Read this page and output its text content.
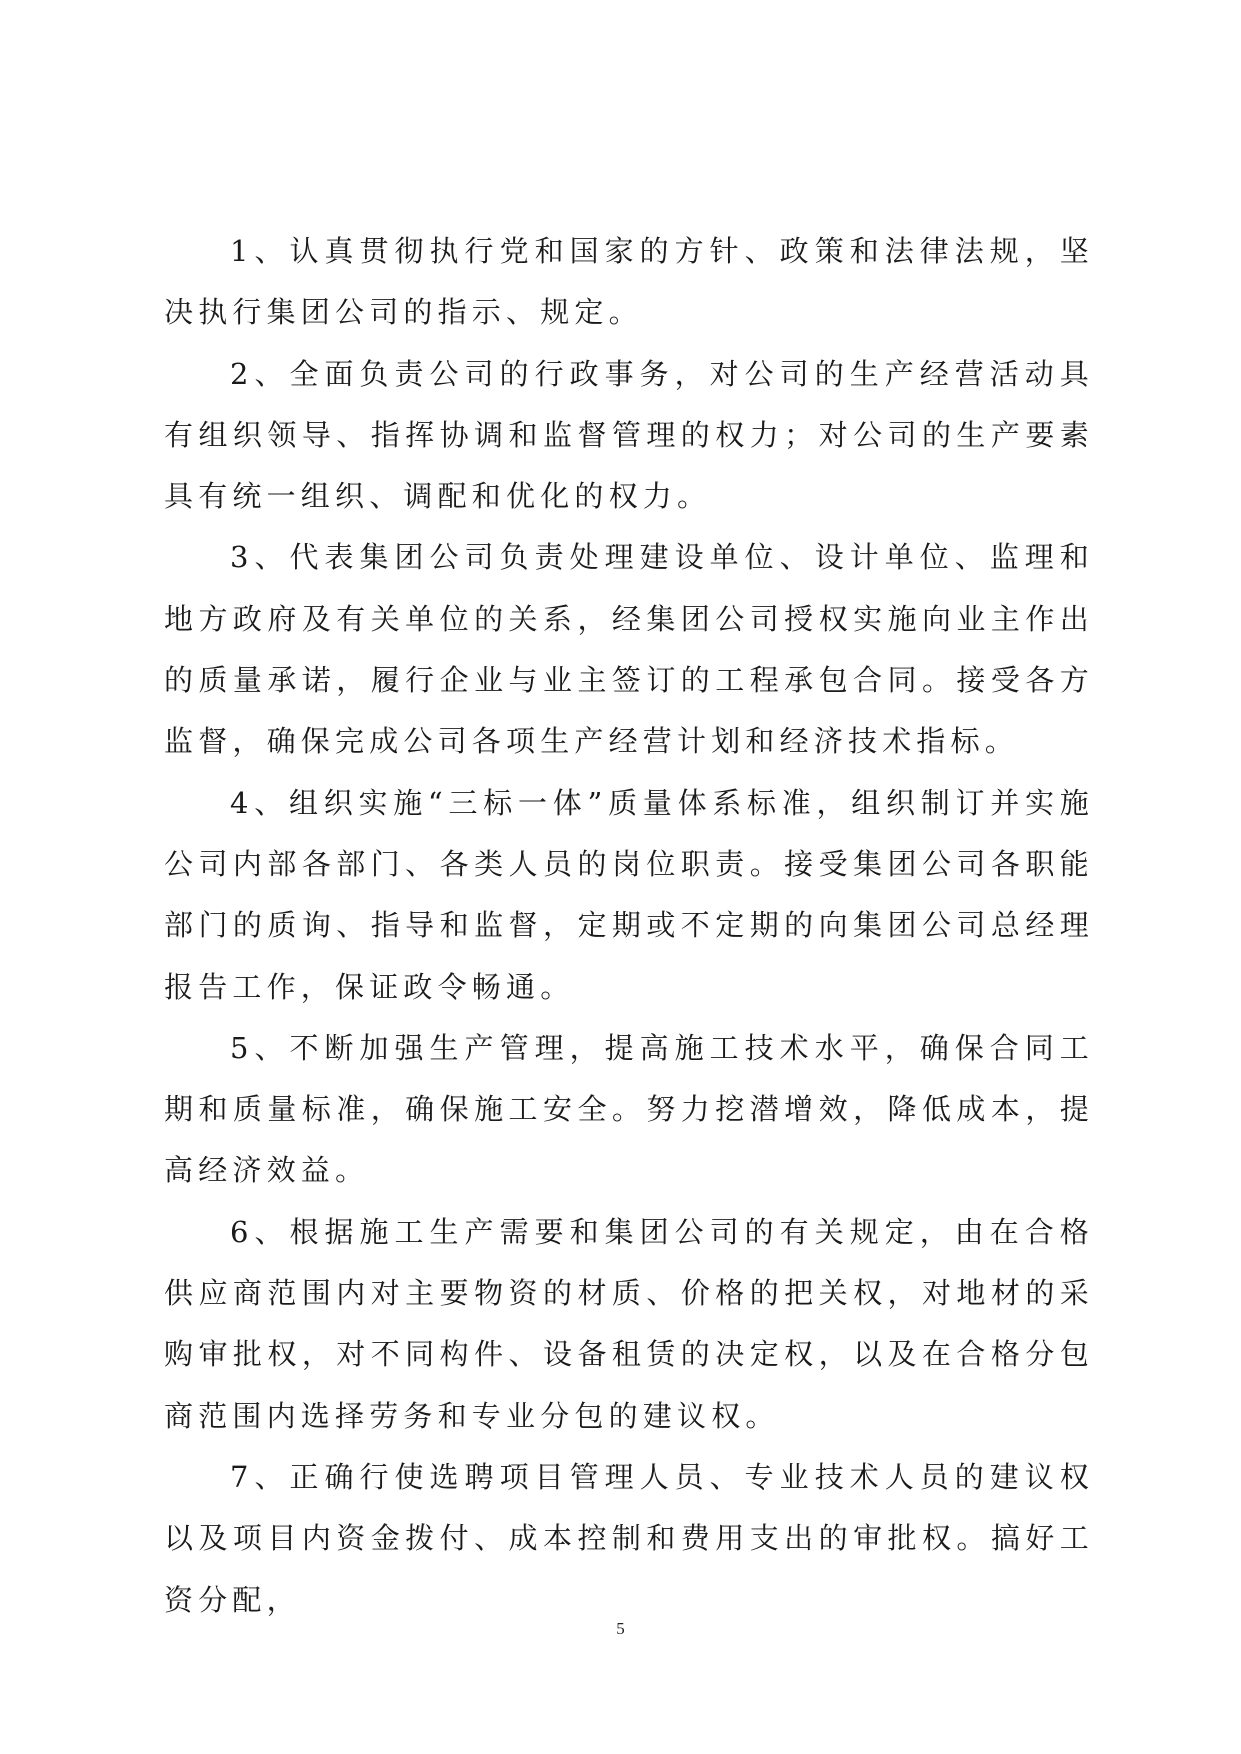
1、认真贯彻执行党和国家的方针、政策和法律法规，坚决执行集团公司的指示、规定。

2、全面负责公司的行政事务，对公司的生产经营活动具有组织领导、指挥协调和监督管理的权力；对公司的生产要素具有统一组织、调配和优化的权力。

3、代表集团公司负责处理建设单位、设计单位、监理和地方政府及有关单位的关系，经集团公司授权实施向业主作出的质量承诺，履行企业与业主签订的工程承包合同。接受各方监督，确保完成公司各项生产经营计划和经济技术指标。

4、组织实施“三标一体”质量体系标准，组织制订并实施公司内部各部门、各类人员的岗位职责。接受集团公司各职能部门的质询、指导和监督，定期或不定期的向集团公司总经理报告工作，保证政令畅通。

5、不断加强生产管理，提高施工技术水平，确保合同工期和质量标准，确保施工安全。努力挖潜增效，降低成本，提高经济效益。

6、根据施工生产需要和集团公司的有关规定，由在合格供应商范围内对主要物资的材质、价格的把关权，对地材的采购审批权，对不同构件、设备租赁的决定权，以及在合格分包商范围内选择劳务和专业分包的建议权。

7、正确行使选聘项目管理人员、专业技术人员的建议权以及项目内资金拨付、成本控制和费用支出的审批权。搞好工资分配，

5
